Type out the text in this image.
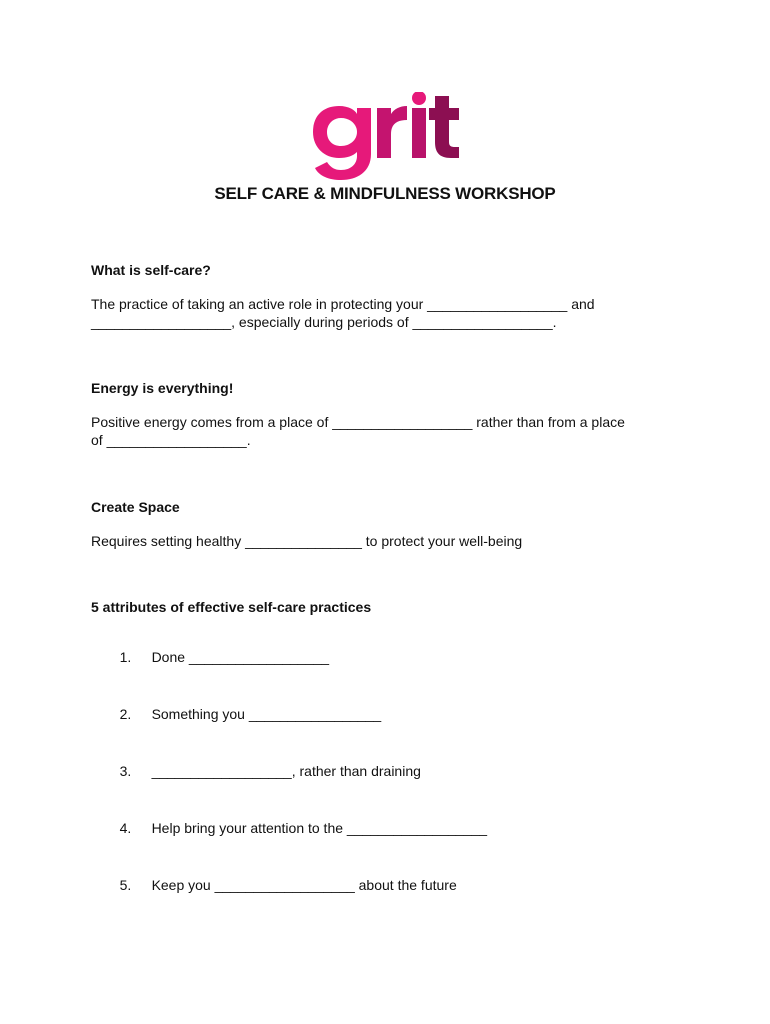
SELF CARE & MINDFULNESS WORKSHOP
What is self-care?
The practice of taking an active role in protecting your __________________ and
__________________, especially during periods of __________________.
Energy is everything!
Positive energy comes from a place of __________________ rather than from a place
of __________________.
Create Space
Requires setting healthy _______________ to protect your well-being
5 attributes of effective self-care practices

1. Done __________________

2. Something you _________________

3. __________________, rather than draining

4. Help bring your attention to the __________________

5. Keep you __________________ about the future
